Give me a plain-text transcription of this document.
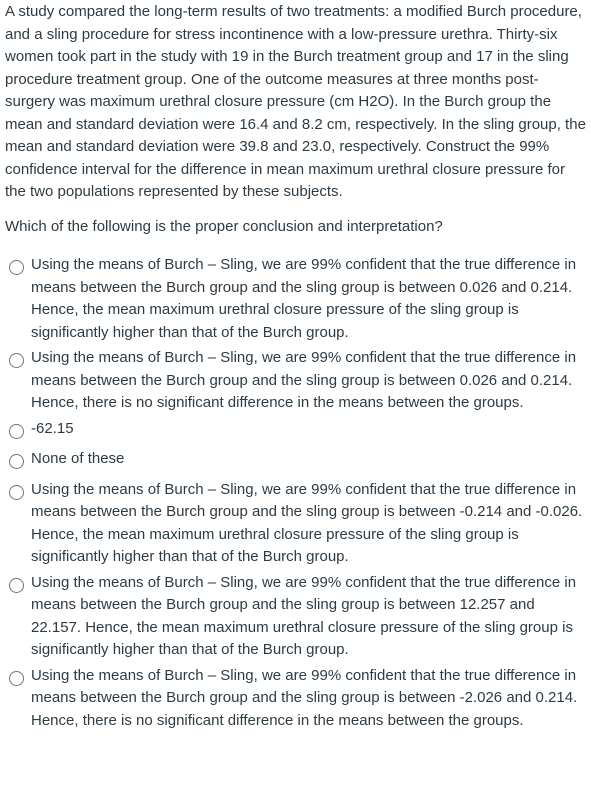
A study compared the long-term results of two treatments: a modified Burch procedure, and a sling procedure for stress incontinence with a low-pressure urethra. Thirty-six women took part in the study with 19 in the Burch treatment group and 17 in the sling procedure treatment group. One of the outcome measures at three months post-surgery was maximum urethral closure pressure (cm H2O). In the Burch group the mean and standard deviation were 16.4 and 8.2 cm, respectively. In the sling group, the mean and standard deviation were 39.8 and 23.0, respectively. Construct the 99% confidence interval for the difference in mean maximum urethral closure pressure for the two populations represented by these subjects.
Which of the following is the proper conclusion and interpretation?
Using the means of Burch – Sling, we are 99% confident that the true difference in means between the Burch group and the sling group is between 0.026 and 0.214. Hence, the mean maximum urethral closure pressure of the sling group is significantly higher than that of the Burch group.
Using the means of Burch – Sling, we are 99% confident that the true difference in means between the Burch group and the sling group is between 0.026 and 0.214. Hence, there is no significant difference in the means between the groups.
-62.15
None of these
Using the means of Burch – Sling, we are 99% confident that the true difference in means between the Burch group and the sling group is between -0.214 and -0.026. Hence, the mean maximum urethral closure pressure of the sling group is significantly higher than that of the Burch group.
Using the means of Burch – Sling, we are 99% confident that the true difference in means between the Burch group and the sling group is between 12.257 and 22.157. Hence, the mean maximum urethral closure pressure of the sling group is significantly higher than that of the Burch group.
Using the means of Burch – Sling, we are 99% confident that the true difference in means between the Burch group and the sling group is between -2.026 and 0.214. Hence, there is no significant difference in the means between the groups.
